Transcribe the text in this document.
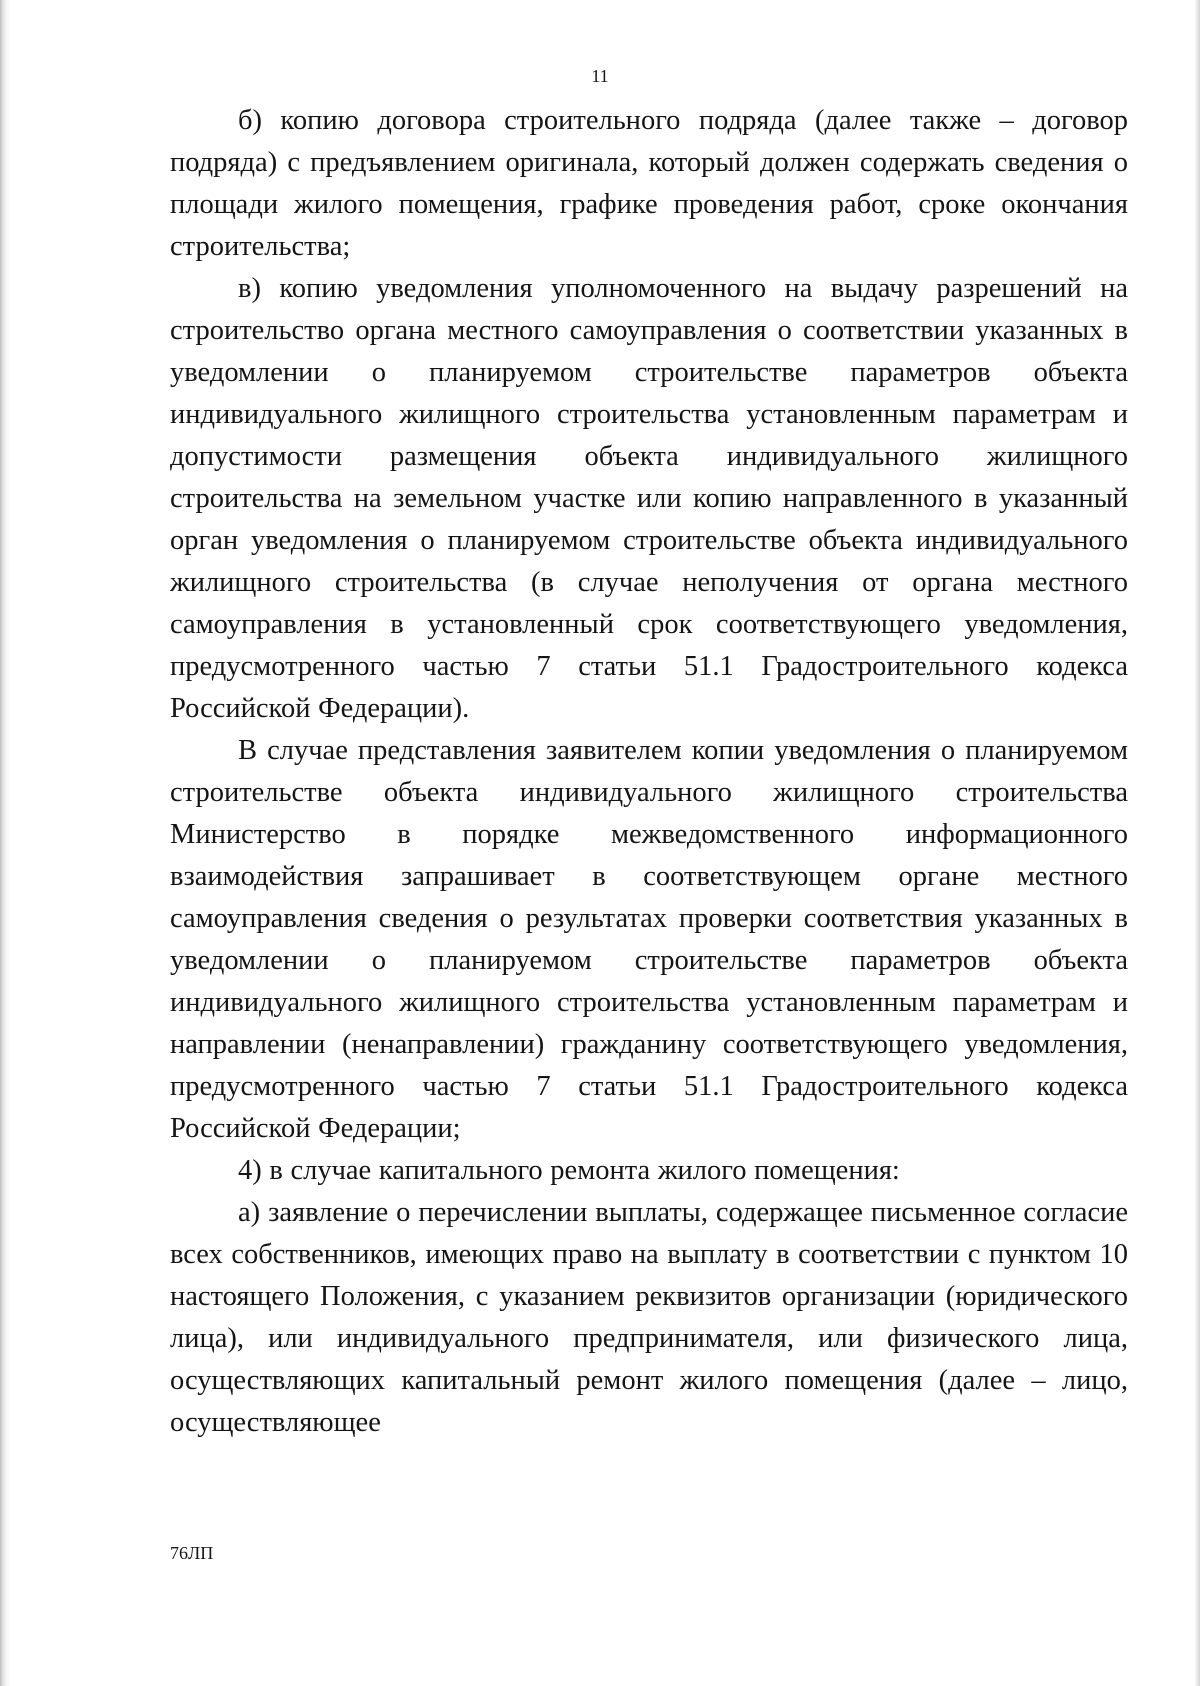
11

б) копию договора строительного подряда (далее также – договор подряда) с предъявлением оригинала, который должен содержать сведения о площади жилого помещения, графике проведения работ, сроке окончания строительства;

в) копию уведомления уполномоченного на выдачу разрешений на строительство органа местного самоуправления о соответствии указанных в уведомлении о планируемом строительстве параметров объекта индивидуального жилищного строительства установленным параметрам и допустимости размещения объекта индивидуального жилищного строительства на земельном участке или копию направленного в указанный орган уведомления о планируемом строительстве объекта индивидуального жилищного строительства (в случае неполучения от органа местного самоуправления в установленный срок соответствующего уведомления, предусмотренного частью 7 статьи 51.1 Градостроительного кодекса Российской Федерации).

В случае представления заявителем копии уведомления о планируемом строительстве объекта индивидуального жилищного строительства Министерство в порядке межведомственного информационного взаимодействия запрашивает в соответствующем органе местного самоуправления сведения о результатах проверки соответствия указанных в уведомлении о планируемом строительстве параметров объекта индивидуального жилищного строительства установленным параметрам и направлении (ненаправлении) гражданину соответствующего уведомления, предусмотренного частью 7 статьи 51.1 Градостроительного кодекса Российской Федерации;

4) в случае капитального ремонта жилого помещения:

а) заявление о перечислении выплаты, содержащее письменное согласие всех собственников, имеющих право на выплату в соответствии с пунктом 10 настоящего Положения, с указанием реквизитов организации (юридического лица), или индивидуального предпринимателя, или физического лица, осуществляющих капитальный ремонт жилого помещения (далее – лицо, осуществляющее

76ЛП
